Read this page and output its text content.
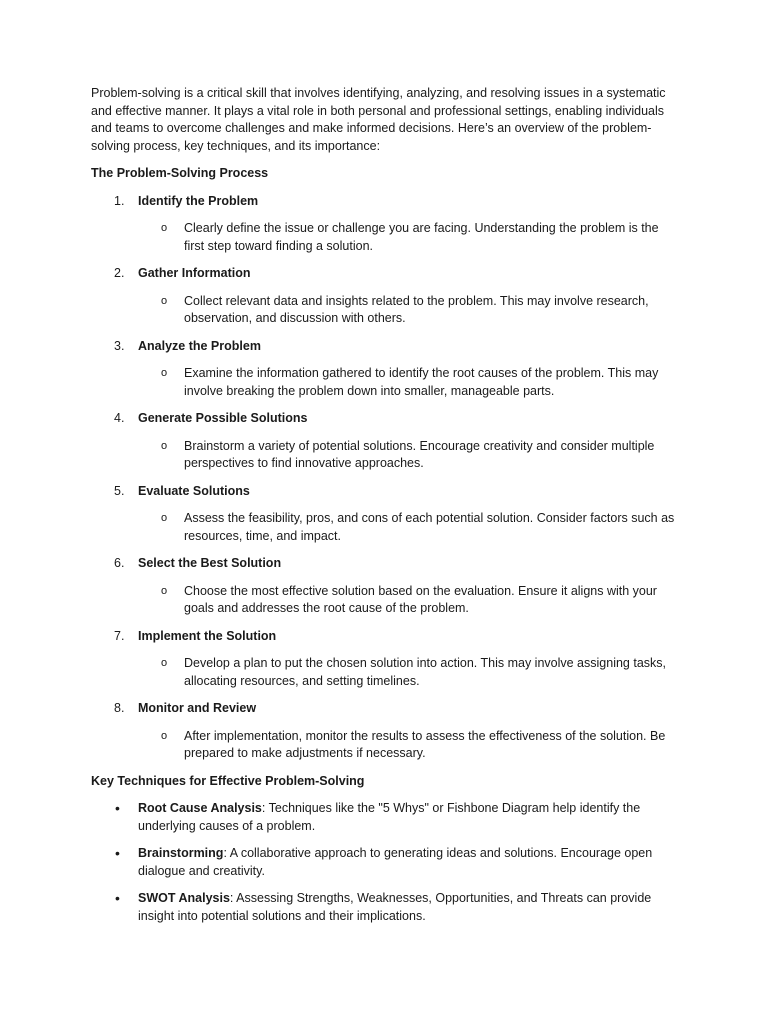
Problem-solving is a critical skill that involves identifying, analyzing, and resolving issues in a systematic and effective manner. It plays a vital role in both personal and professional settings, enabling individuals and teams to overcome challenges and make informed decisions. Here’s an overview of the problem-solving process, key techniques, and its importance:

The Problem-Solving Process

1.	Identify the Problem
o	Clearly define the issue or challenge you are facing. Understanding the problem is the first step toward finding a solution.
2.	Gather Information
o	Collect relevant data and insights related to the problem. This may involve research, observation, and discussion with others.
3.	Analyze the Problem
o	Examine the information gathered to identify the root causes of the problem. This may involve breaking the problem down into smaller, manageable parts.
4.	Generate Possible Solutions
o	Brainstorm a variety of potential solutions. Encourage creativity and consider multiple perspectives to find innovative approaches.
5.	Evaluate Solutions
o	Assess the feasibility, pros, and cons of each potential solution. Consider factors such as resources, time, and impact.
6.	Select the Best Solution
o	Choose the most effective solution based on the evaluation. Ensure it aligns with your goals and addresses the root cause of the problem.
7.	Implement the Solution
o	Develop a plan to put the chosen solution into action. This may involve assigning tasks, allocating resources, and setting timelines.
8.	Monitor and Review
o	After implementation, monitor the results to assess the effectiveness of the solution. Be prepared to make adjustments if necessary.

Key Techniques for Effective Problem-Solving

•	Root Cause Analysis: Techniques like the "5 Whys" or Fishbone Diagram help identify the underlying causes of a problem.
•	Brainstorming: A collaborative approach to generating ideas and solutions. Encourage open dialogue and creativity.
•	SWOT Analysis: Assessing Strengths, Weaknesses, Opportunities, and Threats can provide insight into potential solutions and their implications.
